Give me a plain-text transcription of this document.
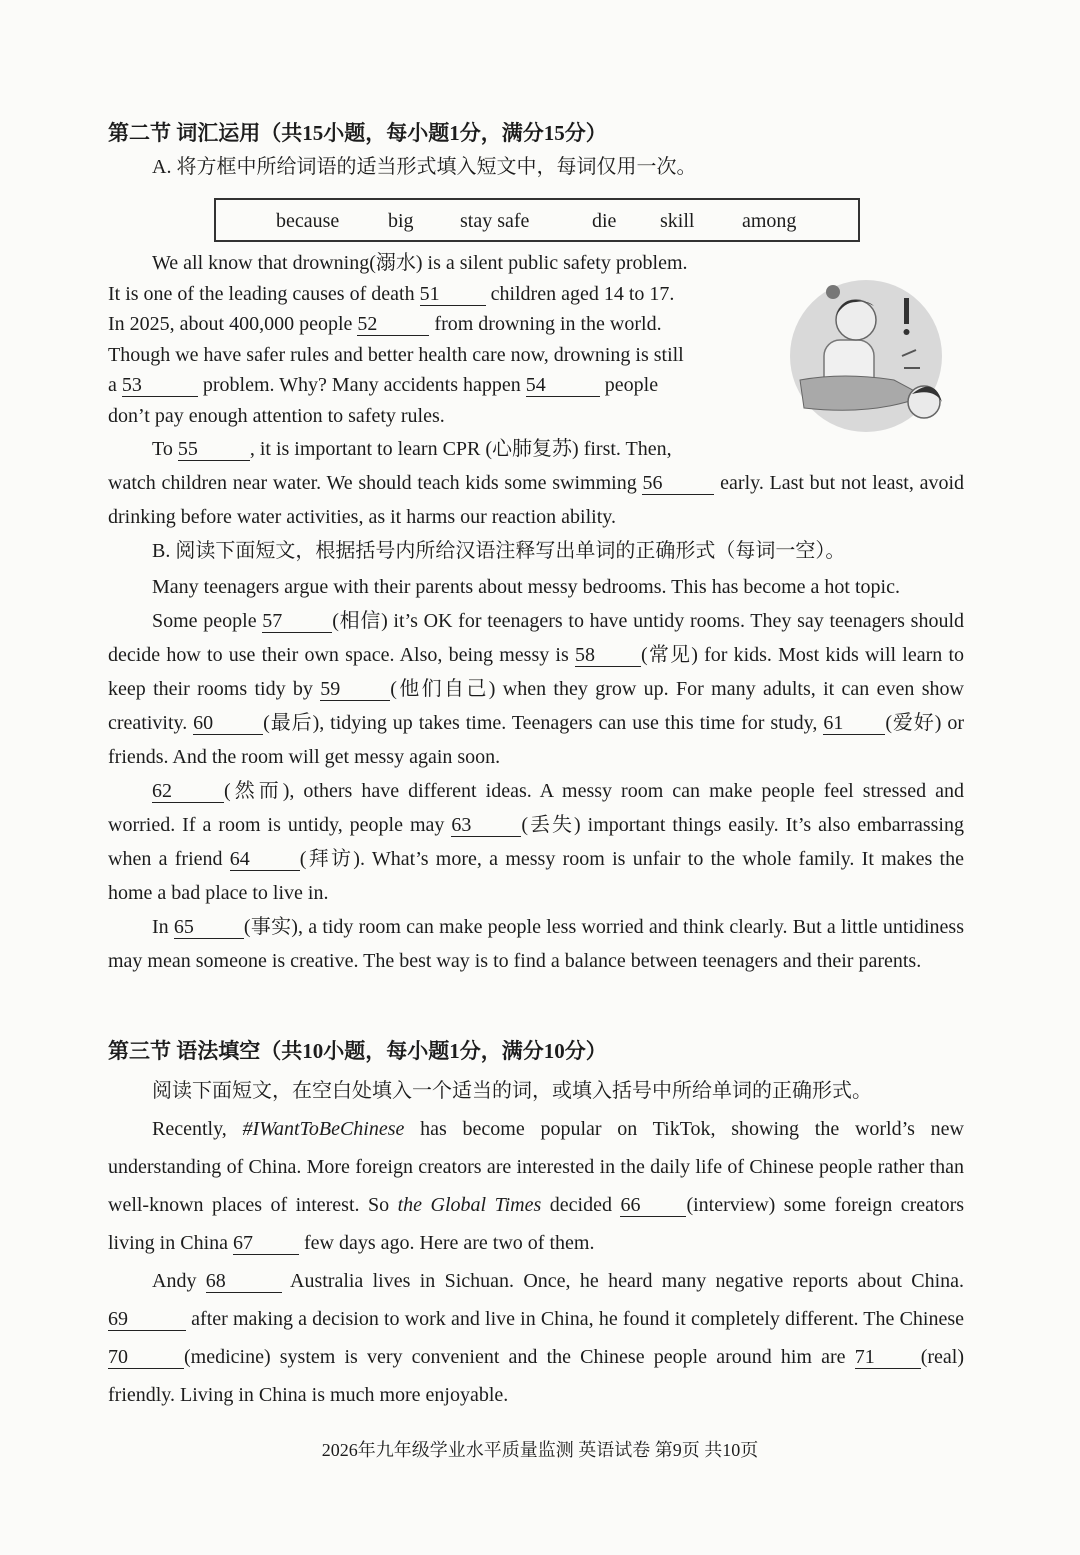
第二节 词汇运用（共15小题，每小题1分，满分15分）
A. 将方框中所给词语的适当形式填入短文中，每词仅用一次。
because big stay safe	die skill among

We all know that drowning(溺水) is a silent public safety problem.

It is one of the leading causes of death 51	children aged 14 to 17.

In 2025, about 400,000 people 52	from drowning in the world.

Though we have safer rules and better health care now, drowning is still

a 53	problem. Why? Many accidents happen 54	people

don’t pay enough attention to safety rules.

To 55	, it is important to learn CPR (心肺复苏) first. Then,
watch children near water. We should teach kids some swimming 56	early. Last but not least, avoid drinking before water activities, as it harms our reaction ability.

B. 阅读下面短文，根据括号内所给汉语注释写出单词的正确形式（每词一空）。

Many teenagers argue with their parents about messy bedrooms. This has become a hot topic.

Some people 57	(相信) it’s OK for teenagers to have untidy rooms. They say teenagers should decide how to use their own space. Also, being messy is 58 (常见) for kids. Most kids will learn to keep their rooms tidy by 59	(他们自己) when they grow up. For many adults, it can even show creativity. 60	(最后), tidying up takes time. Teenagers can use this time for study, 61 (爱好) or friends. And the room will get messy again soon.

62	(然而), others have different ideas. A messy room can make people feel stressed and worried. If a room is untidy, people may 63	(丢失) important things easily. It’s also embarrassing when a friend 64	(拜访). What’s more, a messy room is unfair to the whole family. It makes the home a bad place to live in.

In 65	(事实), a tidy room can make people less worried and think clearly. But a little untidiness may mean someone is creative. The best way is to find a balance between teenagers and their parents.

第三节 语法填空（共10小题，每小题1分，满分10分）
阅读下面短文，在空白处填入一个适当的词，或填入括号中所给单词的正确形式。

Recently, #IWantToBeChinese has become popular on TikTok, showing the world’s new understanding of China. More foreign creators are interested in the daily life of Chinese people rather than well-known places of interest. So the Global Times decided 66 (interview) some foreign creators living in China 67	few days ago. Here are two of them.

Andy 68	Australia lives in Sichuan. Once, he heard many negative reports about China. 69	after making a decision to work and live in China, he found it completely different. The Chinese 70	(medicine) system is very convenient and the Chinese people around him are 71 (real) friendly. Living in China is much more enjoyable.

2026年九年级学业水平质量监测 英语试卷 第9页 共10页
